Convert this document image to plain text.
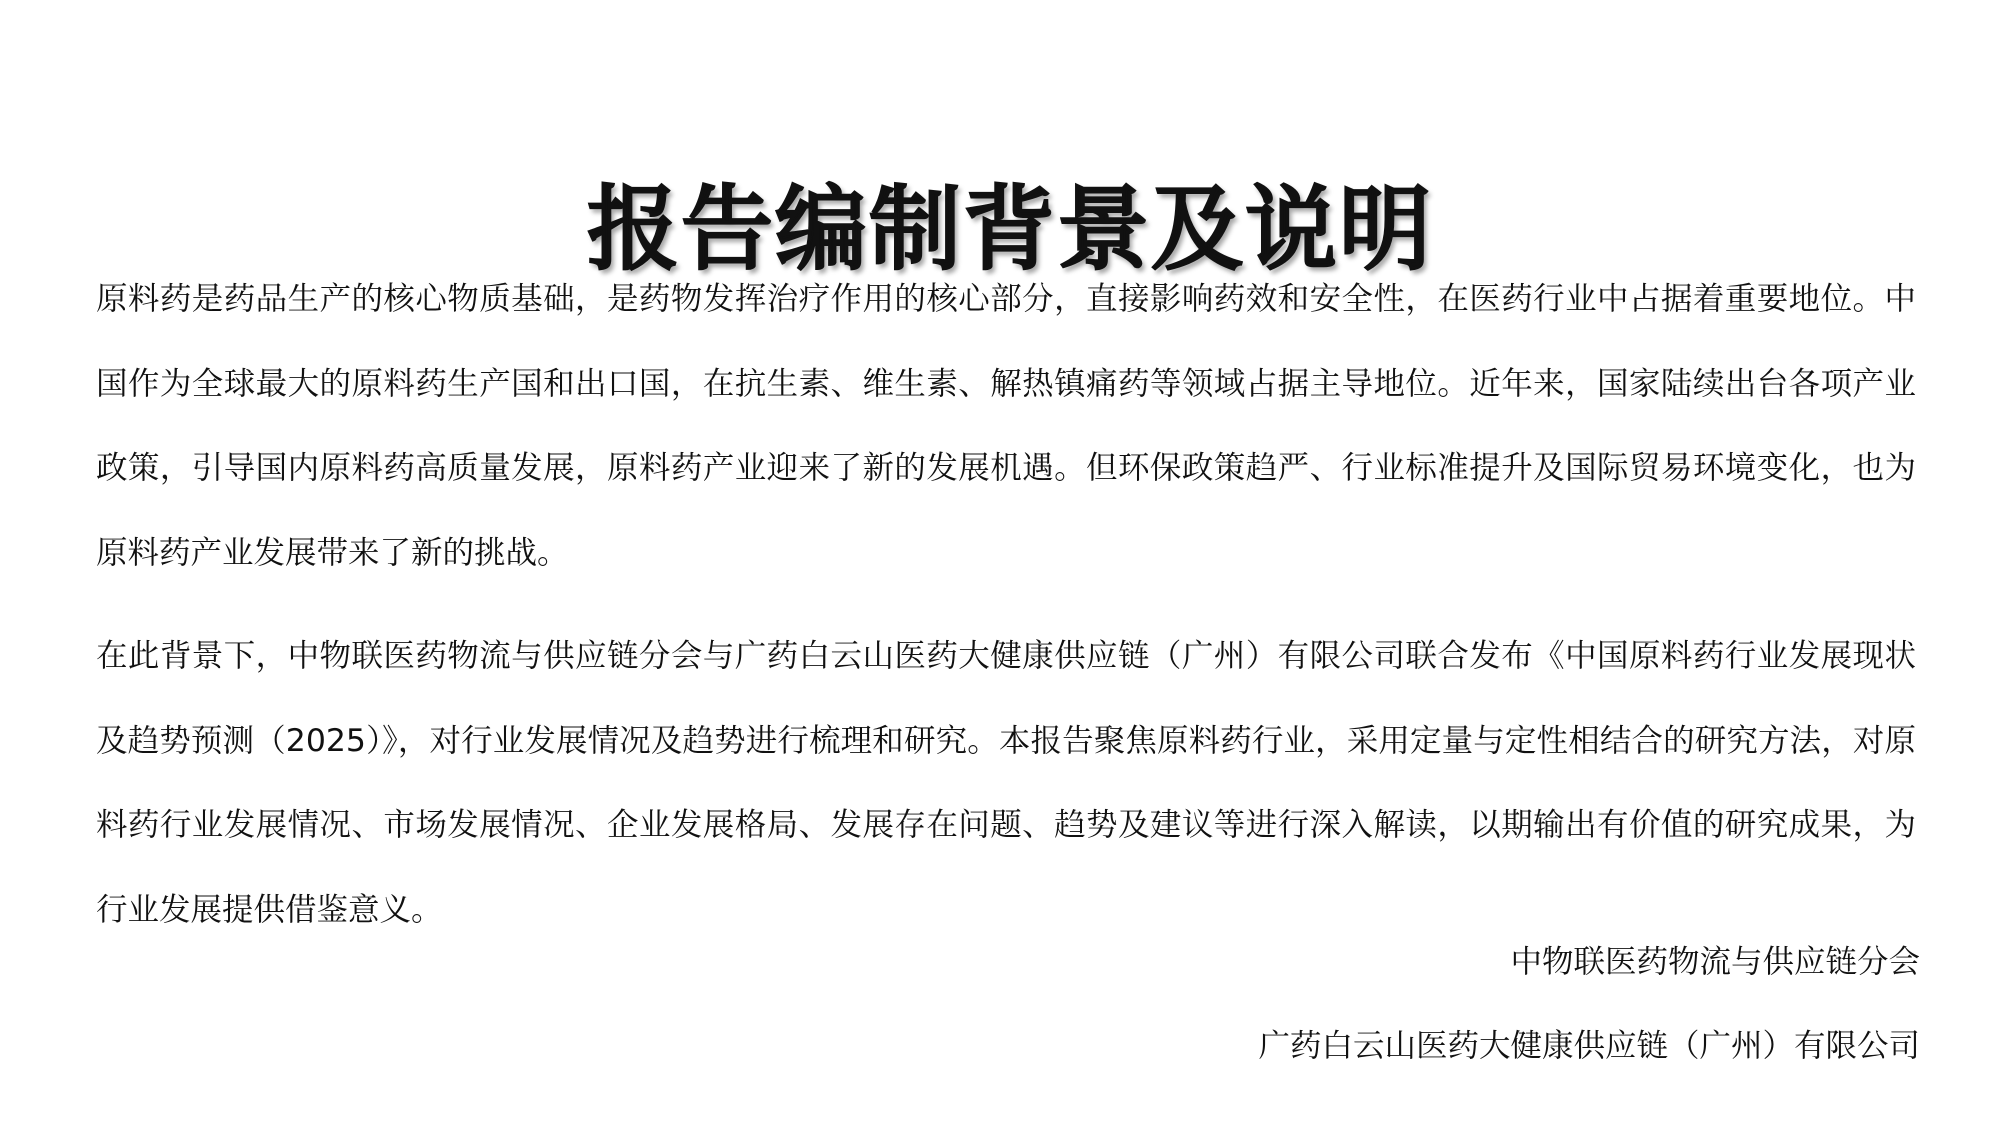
报告编制背景及说明

原料药是药品生产的核心物质基础，是药物发挥治疗作用的核心部分，直接影响药效和安全性，在医药行业中占据着重要地位。中国作为全球最大的原料药生产国和出口国，在抗生素、维生素、解热镇痛药等领域占据主导地位。近年来，国家陆续出台各项产业政策，引导国内原料药高质量发展，原料药产业迎来了新的发展机遇。但环保政策趋严、行业标准提升及国际贸易环境变化，也为原料药产业发展带来了新的挑战。

在此背景下，中物联医药物流与供应链分会与广药白云山医药大健康供应链（广州）有限公司联合发布《中国原料药行业发展现状及趋势预测（2025）》，对行业发展情况及趋势进行梳理和研究。本报告聚焦原料药行业，采用定量与定性相结合的研究方法，对原料药行业发展情况、市场发展情况、企业发展格局、发展存在问题、趋势及建议等进行深入解读，以期输出有价值的研究成果，为行业发展提供借鉴意义。

中物联医药物流与供应链分会
广药白云山医药大健康供应链（广州）有限公司
